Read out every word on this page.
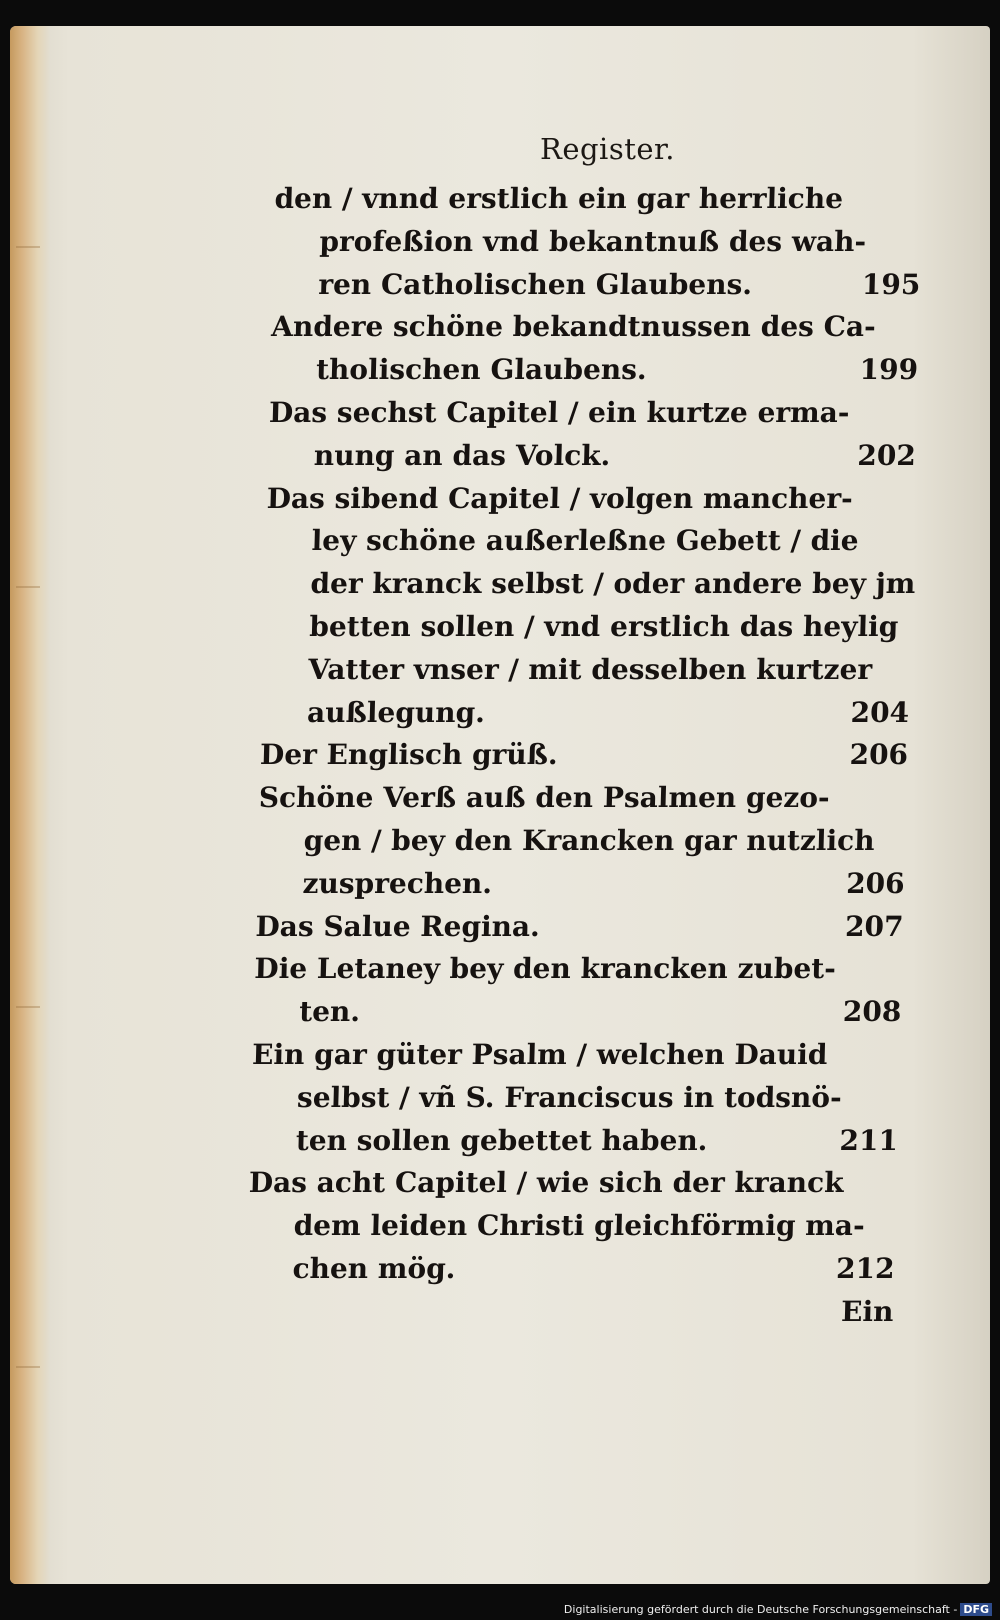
Register.
den / vnnd erstlich ein gar herrliche
profeßion vnd bekantnuß des wah-
ren Catholischen Glaubens.	195
Andere schöne bekandtnussen des Ca-
tholischen Glaubens.	199
Das sechst Capitel / ein kurtze erma-
nung an das Volck.	202
Das sibend Capitel / volgen mancher-
ley schöne außerleßne Gebett / die
der kranck selbst / oder andere bey jm
betten sollen / vnd erstlich das heylig
Vatter vnser / mit desselben kurtzer
außlegung.	204
Der Englisch grüß.	206
Schöne Verß auß den Psalmen gezo-
gen / bey den Krancken gar nutzlich
zusprechen.	206
Das Salue Regina.	207
Die Letaney bey den krancken zubet-
ten.	208
Ein gar güter Psalm / welchen Dauid
selbst / vñ S. Franciscus in todsnö-
ten sollen gebettet haben.	211
Das acht Capitel / wie sich der kranck
dem leiden Christi gleichförmig ma-
chen mög.	212
Ein
Digitalisierung gefördert durch die Deutsche Forschungsgemeinschaft - DFG
